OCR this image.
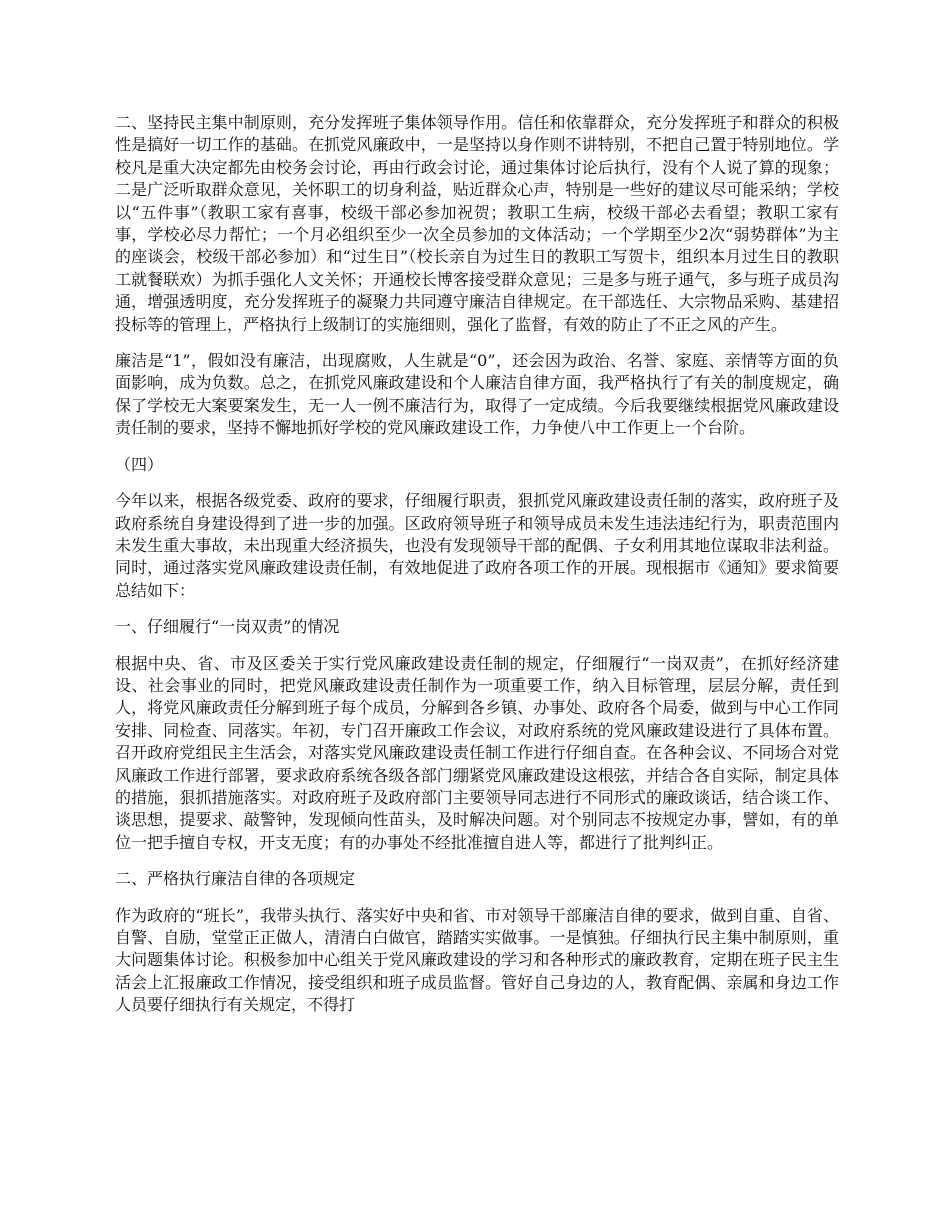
二、坚持民主集中制原则，充分发挥班子集体领导作用。信任和依靠群众，充分发挥班子和群众的积极性是搞好一切工作的基础。在抓党风廉政中，一是坚持以身作则不讲特别，不把自己置于特别地位。学校凡是重大决定都先由校务会讨论，再由行政会讨论，通过集体讨论后执行，没有个人说了算的现象；二是广泛听取群众意见，关怀职工的切身利益，贴近群众心声，特别是一些好的建议尽可能采纳；学校以“五件事”（教职工家有喜事，校级干部必参加祝贺；教职工生病，校级干部必去看望；教职工家有事，学校必尽力帮忙；一个月必组织至少一次全员参加的文体活动；一个学期至少2次“弱势群体”为主的座谈会，校级干部必参加）和“过生日”（校长亲自为过生日的教职工写贺卡，组织本月过生日的教职工就餐联欢）为抓手强化人文关怀；开通校长博客接受群众意见；三是多与班子通气，多与班子成员沟通，增强透明度，充分发挥班子的凝聚力共同遵守廉洁自律规定。在干部选任、大宗物品采购、基建招投标等的管理上，严格执行上级制订的实施细则，强化了监督，有效的防止了不正之风的产生。

廉洁是“1”，假如没有廉洁，出现腐败，人生就是“0”，还会因为政治、名誉、家庭、亲情等方面的负面影响，成为负数。总之，在抓党风廉政建设和个人廉洁自律方面，我严格执行了有关的制度规定，确保了学校无大案要案发生，无一人一例不廉洁行为，取得了一定成绩。今后我要继续根据党风廉政建设责任制的要求，坚持不懈地抓好学校的党风廉政建设工作，力争使八中工作更上一个台阶。

（四）

今年以来，根据各级党委、政府的要求，仔细履行职责，狠抓党风廉政建设责任制的落实，政府班子及政府系统自身建设得到了进一步的加强。区政府领导班子和领导成员未发生违法违纪行为，职责范围内未发生重大事故，未出现重大经济损失，也没有发现领导干部的配偶、子女利用其地位谋取非法利益。同时，通过落实党风廉政建设责任制，有效地促进了政府各项工作的开展。现根据市《通知》要求简要总结如下：

一、仔细履行“一岗双责”的情况

根据中央、省、市及区委关于实行党风廉政建设责任制的规定，仔细履行“一岗双责”，在抓好经济建设、社会事业的同时，把党风廉政建设责任制作为一项重要工作，纳入目标管理，层层分解，责任到人，将党风廉政责任分解到班子每个成员，分解到各乡镇、办事处、政府各个局委，做到与中心工作同安排、同检查、同落实。年初，专门召开廉政工作会议，对政府系统的党风廉政建设进行了具体布置。召开政府党组民主生活会，对落实党风廉政建设责任制工作进行仔细自查。在各种会议、不同场合对党风廉政工作进行部署，要求政府系统各级各部门绷紧党风廉政建设这根弦，并结合各自实际，制定具体的措施，狠抓措施落实。对政府班子及政府部门主要领导同志进行不同形式的廉政谈话，结合谈工作、谈思想，提要求、敲警钟，发现倾向性苗头，及时解决问题。对个别同志不按规定办事，譬如，有的单位一把手擅自专权，开支无度；有的办事处不经批准擅自进人等，都进行了批判纠正。

二、严格执行廉洁自律的各项规定

作为政府的“班长”，我带头执行、落实好中央和省、市对领导干部廉洁自律的要求，做到自重、自省、自警、自励，堂堂正正做人，清清白白做官，踏踏实实做事。一是慎独。仔细执行民主集中制原则，重大问题集体讨论。积极参加中心组关于党风廉政建设的学习和各种形式的廉政教育，定期在班子民主生活会上汇报廉政工作情况，接受组织和班子成员监督。管好自己身边的人，教育配偶、亲属和身边工作人员要仔细执行有关规定，不得打
